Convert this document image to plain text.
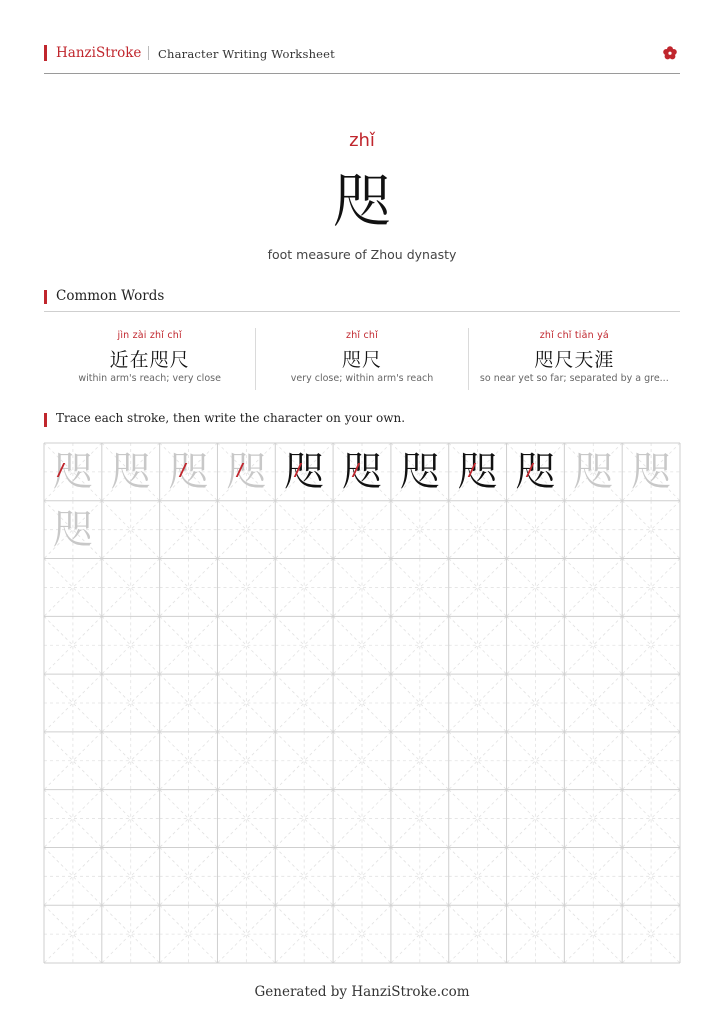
HanziStroke Character Writing Worksheet
zhǐ
咫
foot measure of Zhou dynasty
Common Words
jìn zài zhǐ chǐ
近在咫尺
within arm's reach; very close
zhǐ chǐ
咫尺
very close; within arm's reach
zhǐ chǐ tiān yá
咫尺天涯
so near yet so far; separated by a gre...
Trace each stroke, then write the character on your own.
咫 咫 咫 咫 咫 咫 咫 咫 咫 咫 咫
咫
Generated by HanziStroke.com
